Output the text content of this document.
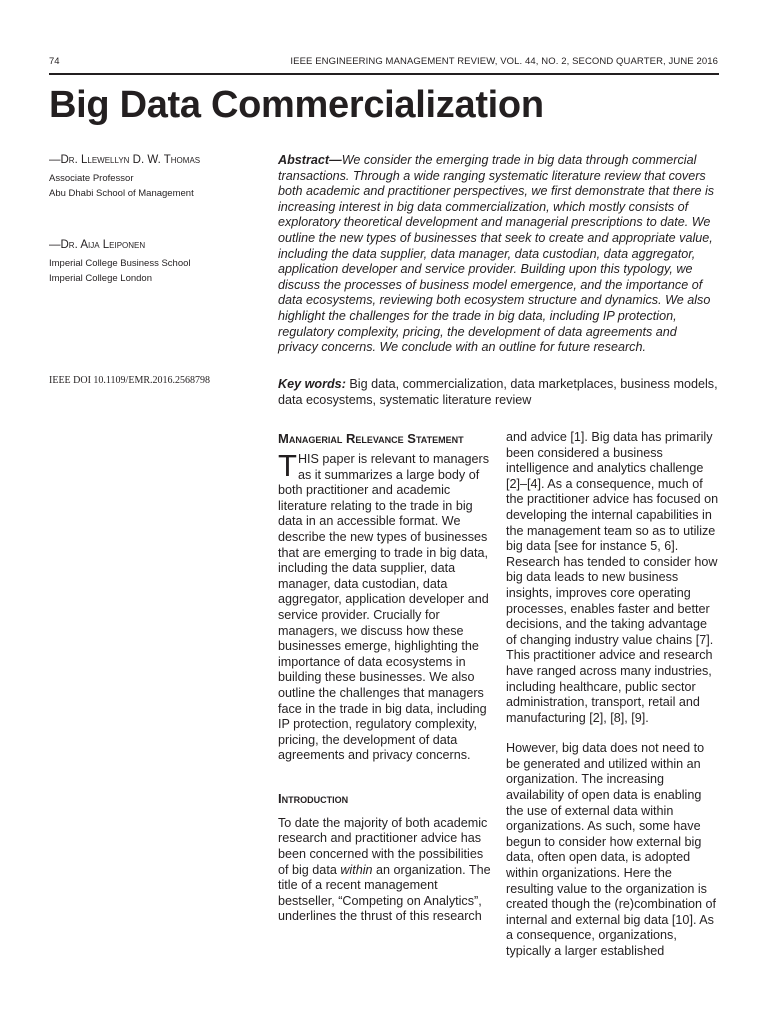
74	IEEE ENGINEERING MANAGEMENT REVIEW, VOL. 44, NO. 2, SECOND QUARTER, JUNE 2016
Big Data Commercialization
—Dr. Llewellyn D. W. Thomas
Associate Professor
Abu Dhabi School of Management
—Dr. Aija Leiponen
Imperial College Business School
Imperial College London
IEEE DOI 10.1109/EMR.2016.2568798
Abstract—We consider the emerging trade in big data through commercial transactions. Through a wide ranging systematic literature review that covers both academic and practitioner perspectives, we first demonstrate that there is increasing interest in big data commercialization, which mostly consists of exploratory theoretical development and managerial prescriptions to date. We outline the new types of businesses that seek to create and appropriate value, including the data supplier, data manager, data custodian, data aggregator, application developer and service provider. Building upon this typology, we discuss the processes of business model emergence, and the importance of data ecosystems, reviewing both ecosystem structure and dynamics. We also highlight the challenges for the trade in big data, including IP protection, regulatory complexity, pricing, the development of data agreements and privacy concerns. We conclude with an outline for future research.
Key words: Big data, commercialization, data marketplaces, business models, data ecosystems, systematic literature review
Managerial Relevance Statement

THIS paper is relevant to managers as it summarizes a large body of both practitioner and academic literature relating to the trade in big data in an accessible format. We describe the new types of businesses that are emerging to trade in big data, including the data supplier, data manager, data custodian, data aggregator, application developer and service provider. Crucially for managers, we discuss how these businesses emerge, highlighting the importance of data ecosystems in building these businesses. We also outline the challenges that managers face in the trade in big data, including IP protection, regulatory complexity, pricing, the development of data agreements and privacy concerns.

Introduction

To date the majority of both academic research and practitioner advice has been concerned with the possibilities of big data within an organization. The title of a recent management bestseller, “Competing on Analytics”, underlines the thrust of this research

and advice [1]. Big data has primarily been considered a business intelligence and analytics challenge [2]–[4]. As a consequence, much of the practitioner advice has focused on developing the internal capabilities in the management team so as to utilize big data [see for instance 5, 6]. Research has tended to consider how big data leads to new business insights, improves core operating processes, enables faster and better decisions, and the taking advantage of changing industry value chains [7]. This practitioner advice and research have ranged across many industries, including healthcare, public sector administration, transport, retail and manufacturing [2], [8], [9].

However, big data does not need to be generated and utilized within an organization. The increasing availability of open data is enabling the use of external data within organizations. As such, some have begun to consider how external big data, often open data, is adopted within organizations. Here the resulting value to the organization is created though the (re)combination of internal and external big data [10]. As a consequence, organizations, typically a larger established
